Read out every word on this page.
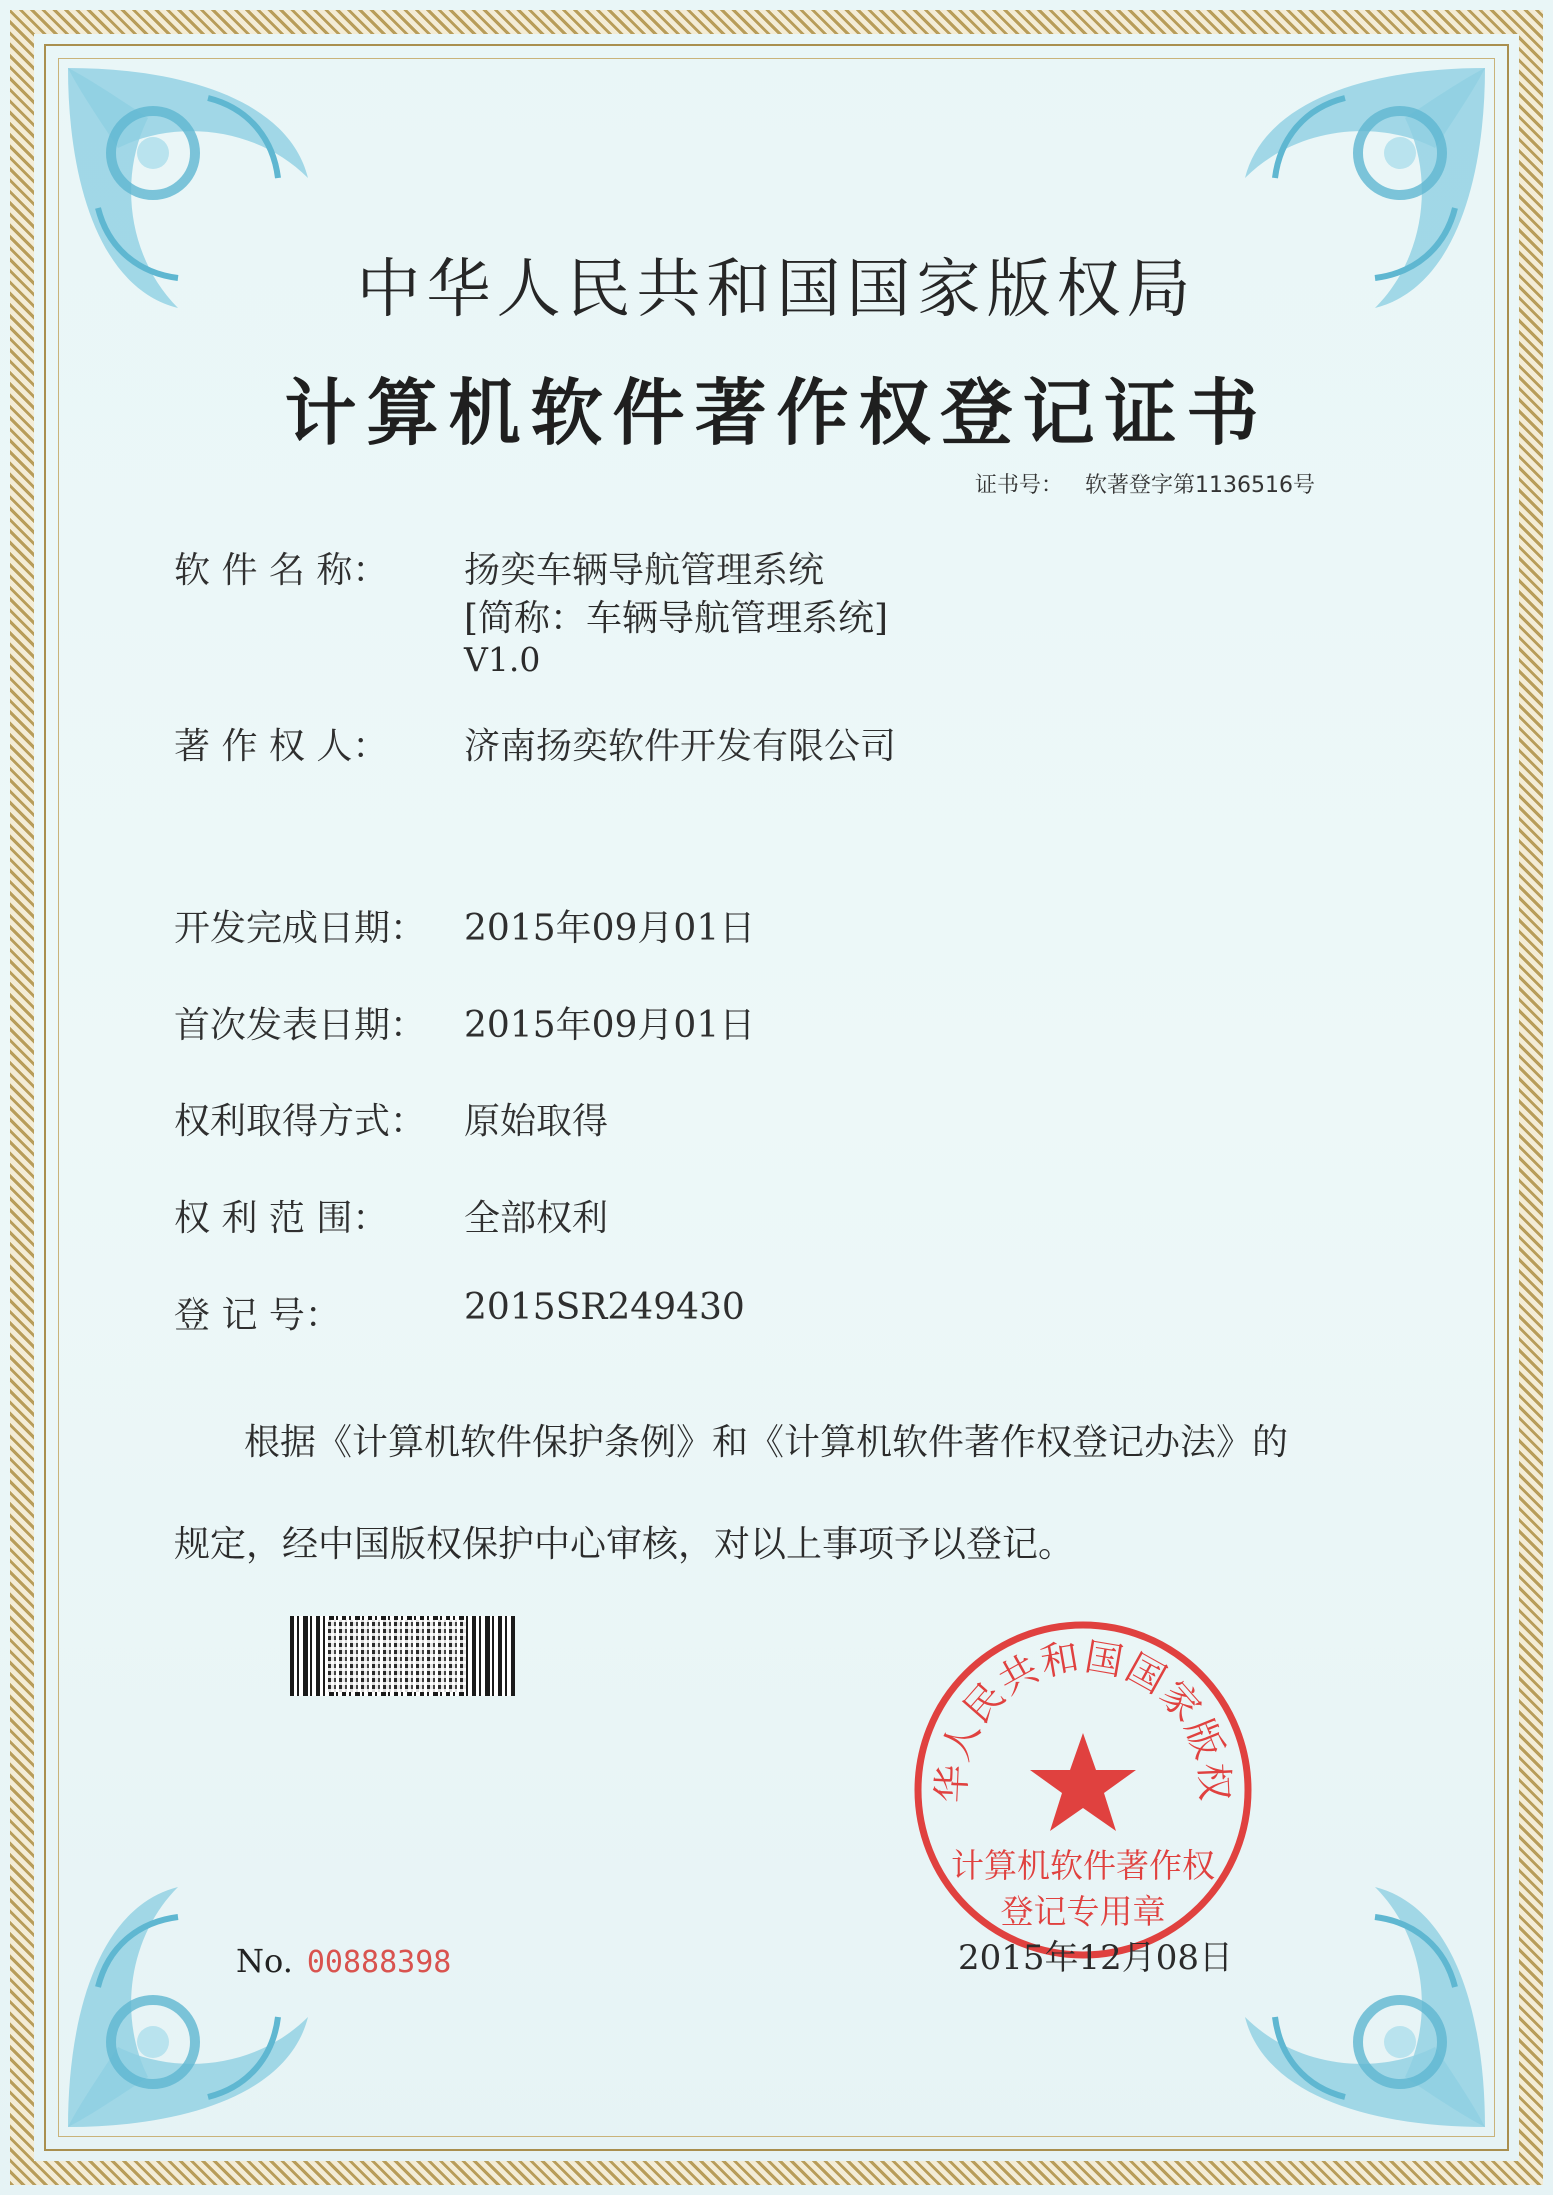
中华人民共和国国家版权局
计算机软件著作权登记证书
证书号： 软著登字第1136516号
软 件 名 称： 扬奕车辆导航管理系统
[简称：车辆导航管理系统]
V1.0
著 作 权 人： 济南扬奕软件开发有限公司
开发完成日期： 2015年09月01日
首次发表日期： 2015年09月01日
权利取得方式： 原始取得
权 利 范 围： 全部权利
登 记 号：	2015SR249430
根据《计算机软件保护条例》和《计算机软件著作权登记办法》的
规定，经中国版权保护中心审核，对以上事项予以登记。
华人民共和国国家版权
计算机软件著作权
登记专用章
2015年12月08日
No. 00888398
